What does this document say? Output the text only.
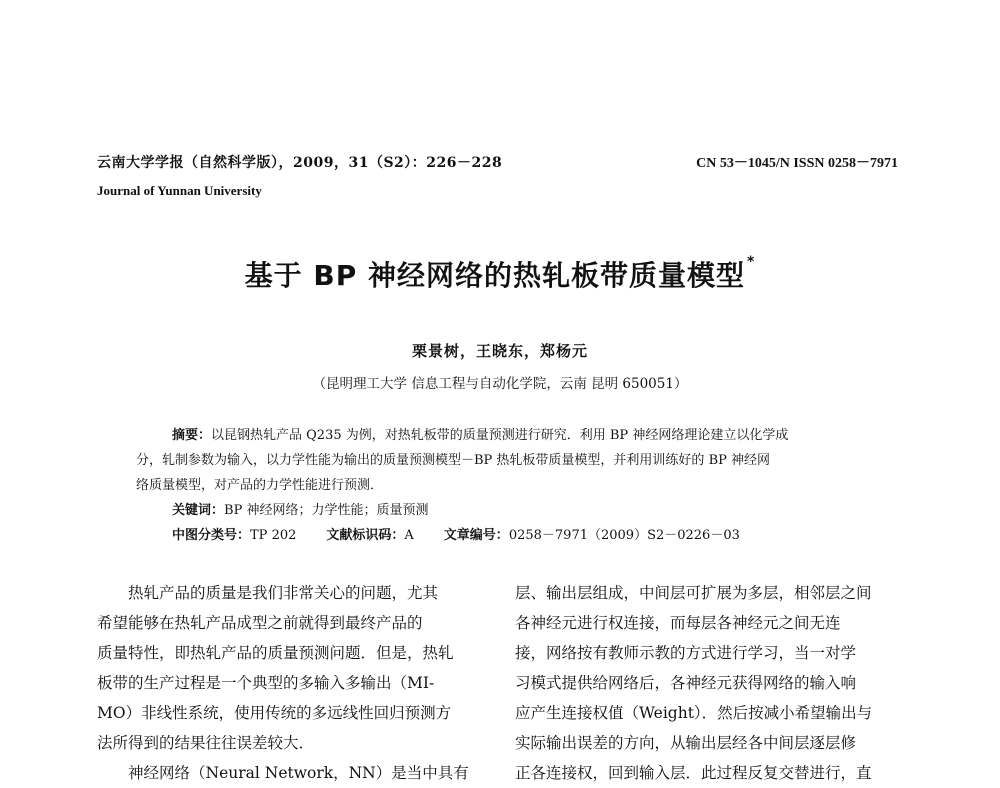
云南大学学报（自然科学版），2009，31（S2）：226－228	CN 53－1045/N ISSN 0258－7971
Journal of Yunnan University
基于 BP 神经网络的热轧板带质量模型 *
栗景树，王晓东，郑杨元
（昆明理工大学 信息工程与自动化学院，云南 昆明 650051）
摘要：以昆钢热轧产品 Q235 为例，对热轧板带的质量预测进行研究．利用 BP 神经网络理论建立以化学成
分，轧制参数为输入，以力学性能为输出的质量预测模型－BP 热轧板带质量模型，并利用训练好的 BP 神经网
络质量模型，对产品的力学性能进行预测．
关键词：BP 神经网络；力学性能；质量预测
中图分类号：TP 202 文献标识码：A 文章编号：0258－7971（2009）S2－0226－03
热轧产品的质量是我们非常关心的问题，尤其
希望能够在热轧产品成型之前就得到最终产品的
质量特性，即热轧产品的质量预测问题．但是，热轧
板带的生产过程是一个典型的多输入多输出（MI-
MO）非线性系统，使用传统的多远线性回归预测方
法所得到的结果往往误差较大．
神经网络（Neural Network，NN）是当中具有
层、输出层组成，中间层可扩展为多层，相邻层之间
各神经元进行权连接，而每层各神经元之间无连
接，网络按有教师示教的方式进行学习，当一对学
习模式提供给网络后，各神经元获得网络的输入响
应产生连接权值（Weight）．然后按减小希望输出与
实际输出误差的方向，从输出层经各中间层逐层修
正各连接权，回到输入层．此过程反复交替进行，直
